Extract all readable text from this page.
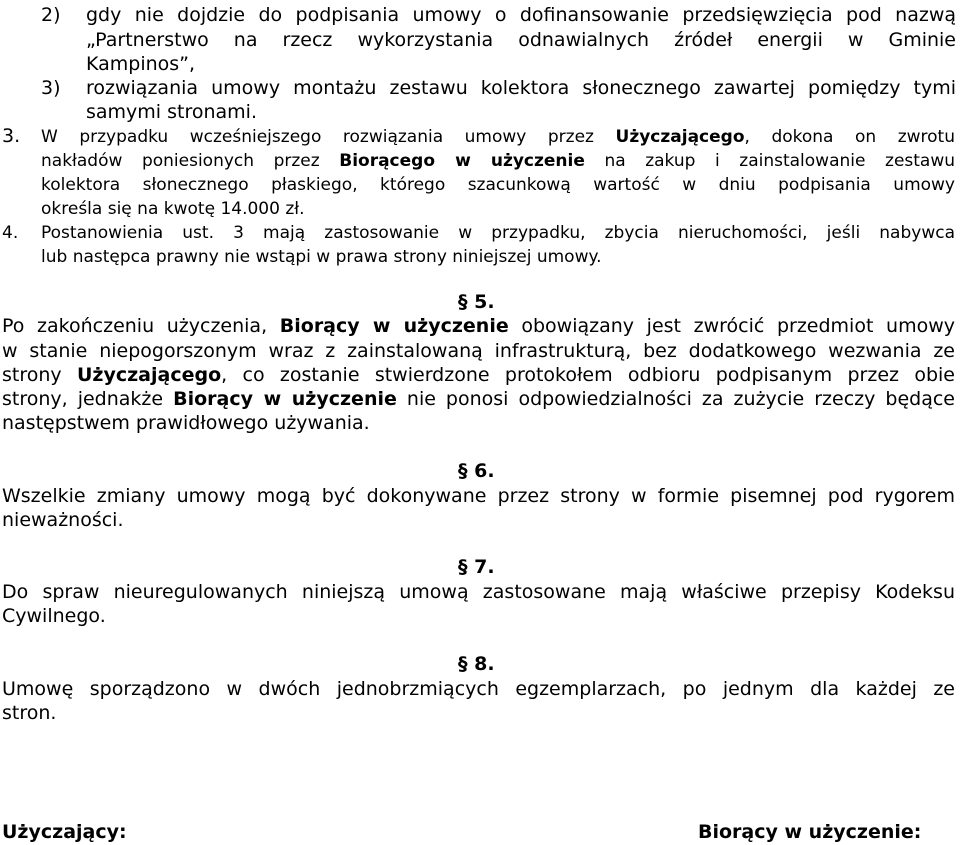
2) gdy nie dojdzie do podpisania umowy o dofinansowanie przedsięwzięcia pod nazwą
„Partnerstwo na rzecz wykorzystania odnawialnych źródeł energii w Gminie
Kampinos”,
3) rozwiązania umowy montażu zestawu kolektora słonecznego zawartej pomiędzy tymi
samymi stronami.
3. W przypadku wcześniejszego rozwiązania umowy przez Użyczającego, dokona on zwrotu
nakładów poniesionych przez Biorącego w użyczenie na zakup i zainstalowanie zestawu
kolektora słonecznego płaskiego, którego szacunkową wartość w dniu podpisania umowy
określa się na kwotę 14.000 zł.
4. Postanowienia ust. 3 mają zastosowanie w przypadku, zbycia nieruchomości, jeśli nabywca
lub następca prawny nie wstąpi w prawa strony niniejszej umowy.
§ 5.
Po zakończeniu użyczenia, Biorący w użyczenie obowiązany jest zwrócić przedmiot umowy
w stanie niepogorszonym wraz z zainstalowaną infrastrukturą, bez dodatkowego wezwania ze
strony Użyczającego, co zostanie stwierdzone protokołem odbioru podpisanym przez obie
strony, jednakże Biorący w użyczenie nie ponosi odpowiedzialności za zużycie rzeczy będące
następstwem prawidłowego używania.
§ 6.
Wszelkie zmiany umowy mogą być dokonywane przez strony w formie pisemnej pod rygorem
nieważności.
§ 7.
Do spraw nieuregulowanych niniejszą umową zastosowane mają właściwe przepisy Kodeksu
Cywilnego.
§ 8.
Umowę sporządzono w dwóch jednobrzmiących egzemplarzach, po jednym dla każdej ze
stron.
Użyczający:	Biorący w użyczenie:
